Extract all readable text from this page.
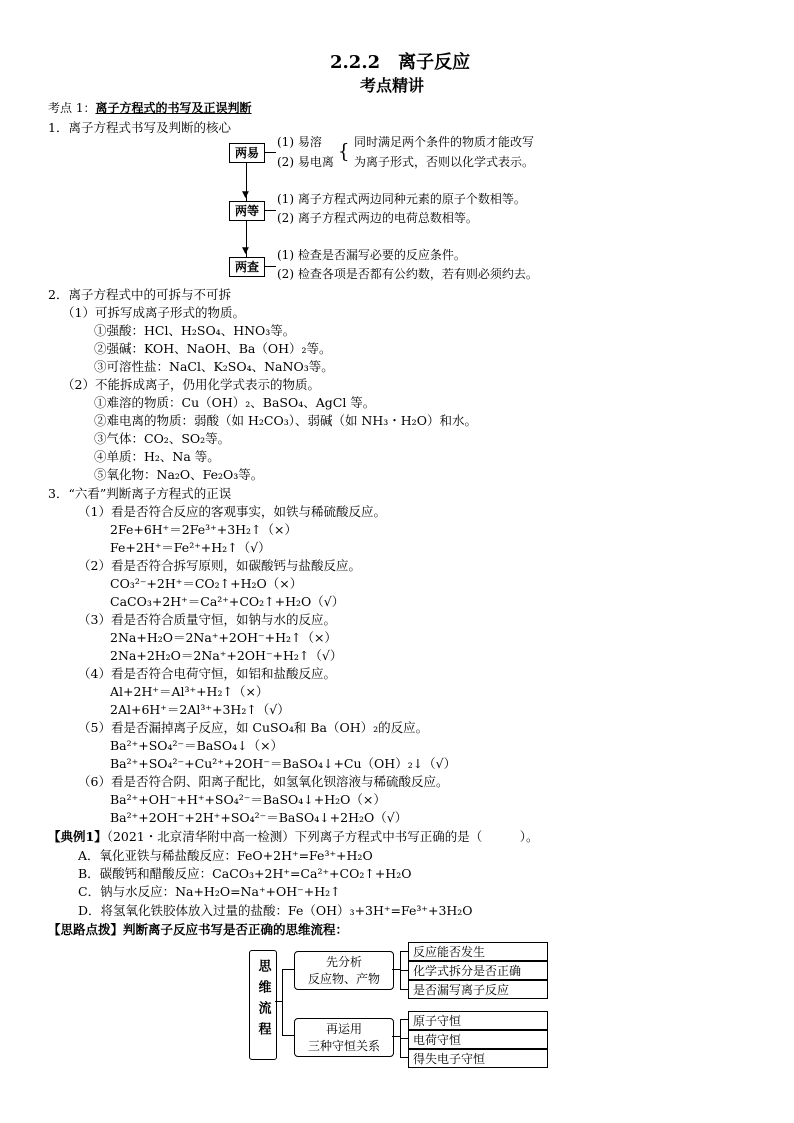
2.2.2　离子反应
考点精讲
考点 1：离子方程式的书写及正误判断
1．离子方程式书写及判断的核心
两易
两等
两查
▼
▼
(1) 易溶
(2) 易电离 { 同时满足两个条件的物质才能改写
为离子形式，否则以化学式表示。
(1) 离子方程式两边同种元素的原子个数相等。
(2) 离子方程式两边的电荷总数相等。
(1) 检查是否漏写必要的反应条件。
(2) 检查各项是否都有公约数，若有则必须约去。
2．离子方程式中的可拆与不可拆
（1）可拆写成离子形式的物质。
①强酸：HCl、H₂SO₄、HNO₃等。
②强碱：KOH、NaOH、Ba（OH）₂等。
③可溶性盐：NaCl、K₂SO₄、NaNO₃等。
（2）不能拆成离子，仍用化学式表示的物质。
①难溶的物质：Cu（OH）₂、BaSO₄、AgCl 等。
②难电离的物质：弱酸（如 H₂CO₃）、弱碱（如 NH₃・H₂O）和水。
③气体：CO₂、SO₂等。
④单质：H₂、Na 等。
⑤氧化物：Na₂O、Fe₂O₃等。
3．“六看”判断离子方程式的正误
（1）看是否符合反应的客观事实，如铁与稀硫酸反应。
2Fe+6H⁺＝2Fe³⁺+3H₂↑（×）
Fe+2H⁺＝Fe²⁺+H₂↑（√）
（2）看是否符合拆写原则，如碳酸钙与盐酸反应。
CO₃²⁻+2H⁺＝CO₂↑+H₂O（×）
CaCO₃+2H⁺＝Ca²⁺+CO₂↑+H₂O（√）
（3）看是否符合质量守恒，如钠与水的反应。
2Na+H₂O＝2Na⁺+2OH⁻+H₂↑（×）
2Na+2H₂O＝2Na⁺+2OH⁻+H₂↑（√）
（4）看是否符合电荷守恒，如铝和盐酸反应。
Al+2H⁺＝Al³⁺+H₂↑（×）
2Al+6H⁺＝2Al³⁺+3H₂↑（√）
（5）看是否漏掉离子反应，如 CuSO₄和 Ba（OH）₂的反应。
Ba²⁺+SO₄²⁻＝BaSO₄↓（×）
Ba²⁺+SO₄²⁻+Cu²⁺+2OH⁻＝BaSO₄↓+Cu（OH）₂↓（√）
（6）看是否符合阴、阳离子配比，如氢氧化钡溶液与稀硫酸反应。
Ba²⁺+OH⁻+H⁺+SO₄²⁻＝BaSO₄↓+H₂O（×）
Ba²⁺+2OH⁻+2H⁺+SO₄²⁻＝BaSO₄↓+2H₂O（√）
【典例1】（2021・北京清华附中高一检测）下列离子方程式中书写正确的是（　　　）。
A．氧化亚铁与稀盐酸反应：FeO+2H⁺=Fe³⁺+H₂O
B．碳酸钙和醋酸反应：CaCO₃+2H⁺=Ca²⁺+CO₂↑+H₂O
C．钠与水反应：Na+H₂O=Na⁺+OH⁻+H₂↑
D．将氢氧化铁胶体放入过量的盐酸：Fe（OH）₃+3H⁺=Fe³⁺+3H₂O
【思路点拨】判断离子反应书写是否正确的思维流程：
思维流程	先分析
反应物、产物
再运用
三种守恒关系
反应能否发生
化学式拆分是否正确
是否漏写离子反应
原子守恒
电荷守恒
得失电子守恒
